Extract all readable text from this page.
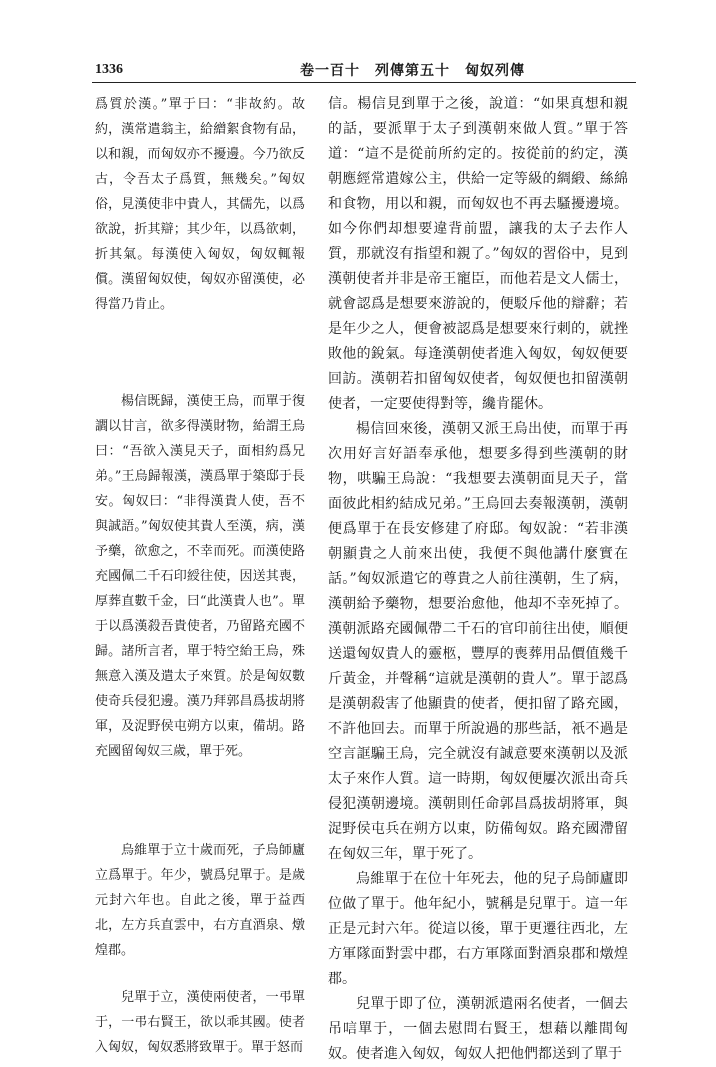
1336	卷一百十　列傳第五十　匈奴列傳

爲質於漢。”單于曰：“非故約。故約，漢常遣翁主，給繒絮食物有品，以和親，而匈奴亦不擾邊。今乃欲反古，令吾太子爲質，無幾矣。”匈奴俗，見漢使非中貴人，其儒先，以爲欲說，折其辯；其少年，以爲欲刺，折其氣。每漢使入匈奴，匈奴輒報償。漢留匈奴使，匈奴亦留漢使，必得當乃肯止。

楊信既歸，漢使王烏，而單于復讇以甘言，欲多得漢財物，紿謂王烏曰：“吾欲入漢見天子，面相約爲兄弟。”王烏歸報漢，漢爲單于築邸于長安。匈奴曰：“非得漢貴人使，吾不與誠語。”匈奴使其貴人至漢，病，漢予藥，欲愈之，不幸而死。而漢使路充國佩二千石印綬往使，因送其喪，厚葬直數千金，曰“此漢貴人也”。單于以爲漢殺吾貴使者，乃留路充國不歸。諸所言者，單于特空紿王烏，殊無意入漢及遣太子來質。於是匈奴數使奇兵侵犯邊。漢乃拜郭昌爲拔胡將軍，及浞野侯屯朔方以東，備胡。路充國留匈奴三歲，單于死。

烏維單于立十歲而死，子烏師廬立爲單于。年少，號爲兒單于。是歲元封六年也。自此之後，單于益西北，左方兵直雲中，右方直酒泉、燉煌郡。

兒單于立，漢使兩使者，一弔單于，一弔右賢王，欲以乖其國。使者入匈奴，匈奴悉將致單于。單于怒而

信。楊信見到單于之後，說道：“如果真想和親的話，要派單于太子到漢朝來做人質。”單于答道：“這不是從前所約定的。按從前的約定，漢朝應經常遣嫁公主，供給一定等級的綢緞、絲綿和食物，用以和親，而匈奴也不再去騷擾邊境。如今你們却想要違背前盟，讓我的太子去作人質，那就沒有指望和親了。”匈奴的習俗中，見到漢朝使者并非是帝王寵臣，而他若是文人儒士，就會認爲是想要來游說的，便駁斥他的辯辭；若是年少之人，便會被認爲是想要來行刺的，就挫敗他的銳氣。每逢漢朝使者進入匈奴，匈奴便要回訪。漢朝若扣留匈奴使者，匈奴便也扣留漢朝使者，一定要使得對等，纔肯罷休。

楊信回來後，漢朝又派王烏出使，而單于再次用好言好語奉承他，想要多得到些漢朝的財物，哄騙王烏說：“我想要去漢朝面見天子，當面彼此相約結成兄弟。”王烏回去奏報漢朝，漢朝便爲單于在長安修建了府邸。匈奴說：“若非漢朝顯貴之人前來出使，我便不與他講什麼實在話。”匈奴派遣它的尊貴之人前往漢朝，生了病，漢朝給予藥物，想要治愈他，他却不幸死掉了。漢朝派路充國佩帶二千石的官印前往出使，順便送還匈奴貴人的靈柩，豐厚的喪葬用品價值幾千斤黃金，并聲稱“這就是漢朝的貴人”。單于認爲是漢朝殺害了他顯貴的使者，便扣留了路充國，不許他回去。而單于所說過的那些話，衹不過是空言誆騙王烏，完全就沒有誠意要來漢朝以及派太子來作人質。這一時期，匈奴便屢次派出奇兵侵犯漢朝邊境。漢朝則任命郭昌爲拔胡將軍，與浞野侯屯兵在朔方以東，防備匈奴。路充國滯留在匈奴三年，單于死了。

烏維單于在位十年死去，他的兒子烏師廬即位做了單于。他年紀小，號稱是兒單于。這一年正是元封六年。從這以後，單于更遷往西北，左方軍隊面對雲中郡，右方軍隊面對酒泉郡和燉煌郡。

兒單于即了位，漢朝派遣兩名使者，一個去吊唁單于，一個去慰問右賢王，想藉以離間匈奴。使者進入匈奴，匈奴人把他們都送到了單于
